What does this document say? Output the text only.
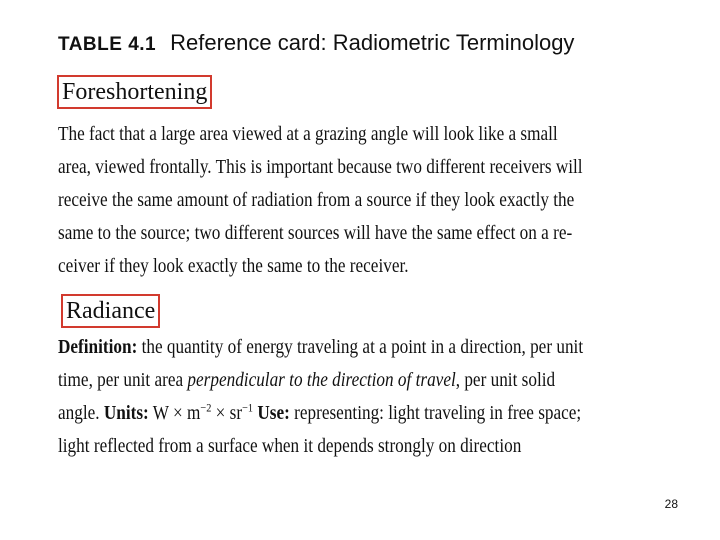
TABLE 4.1 Reference card: Radiometric Terminology
Foreshortening
The fact that a large area viewed at a grazing angle will look like a small
area, viewed frontally. This is important because two different receivers will
receive the same amount of radiation from a source if they look exactly the
same to the source; two different sources will have the same effect on a re-
ceiver if they look exactly the same to the receiver.
Radiance
Definition: the quantity of energy traveling at a point in a direction, per unit
time, per unit area perpendicular to the direction of travel, per unit solid
angle. Units: $W \times m^{-2} \times sr^{-1}$ Use: representing: light traveling in free space;
light reflected from a surface when it depends strongly on direction
28
